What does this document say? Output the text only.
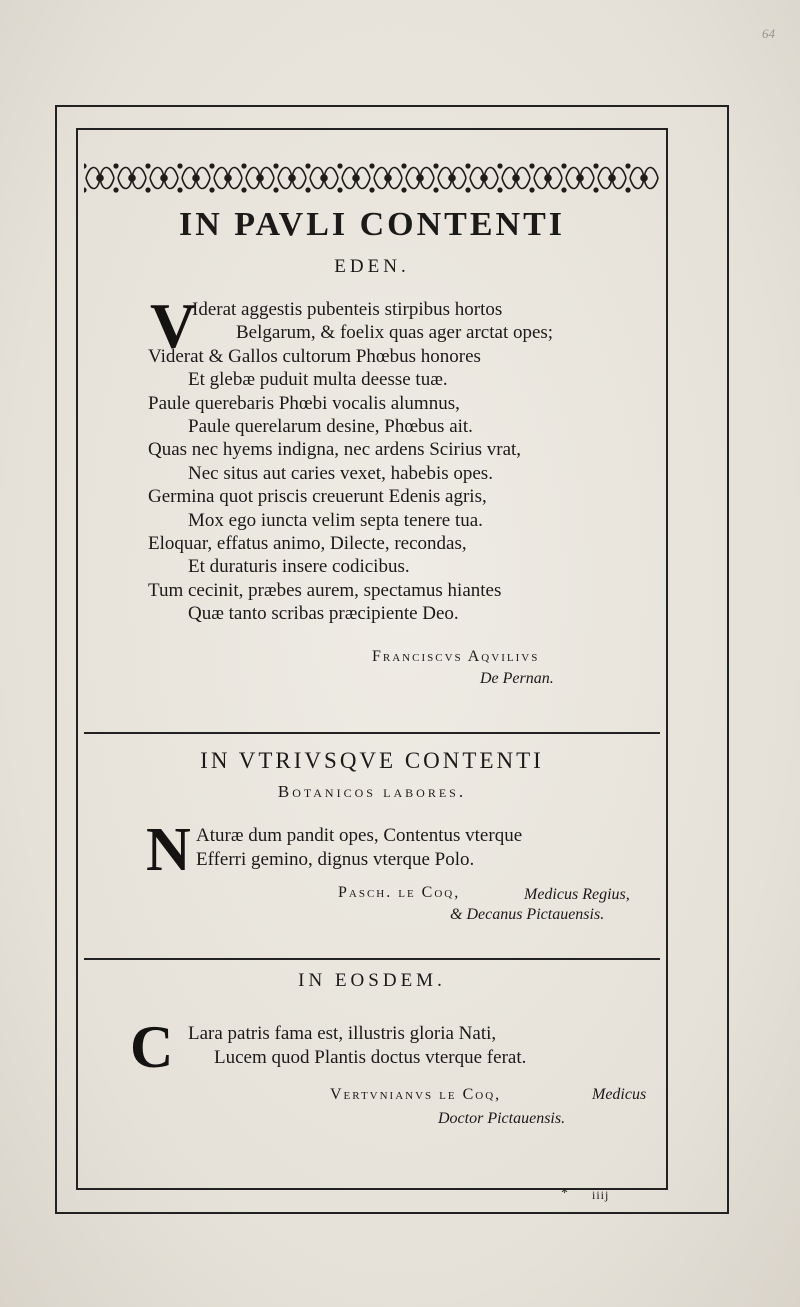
64
IN PAVLI CONTENTI
EDEN.
V
Iderat aggestis pubenteis stirpibus hortos
Belgarum, & foelix quas ager arctat opes;
Viderat & Gallos cultorum Phœbus honores
Et glebæ puduit multa deesse tuæ.
Paule querebaris Phœbi vocalis alumnus,
Paule querelarum desine, Phœbus ait.
Quas nec hyems indigna, nec ardens Scirius vrat,
Nec situs aut caries vexet, habebis opes.
Germina quot priscis creuerunt Edenis agris,
Mox ego iuncta velim septa tenere tua.
Eloquar, effatus animo, Dilecte, recondas,
Et duraturis insere codicibus.
Tum cecinit, præbes aurem, spectamus hiantes
Quæ tanto scribas præcipiente Deo.
Franciscvs Aqvilivs
De Pernan.
IN VTRIVSQVE CONTENTI
Botanicos labores.
N Aturæ dum pandit opes, Contentus vterque
Efferri gemino, dignus vterque Polo.
Pasch. le Coq,	Medicus Regius,
& Decanus Pictauensis.
IN EOSDEM.
C Lara patris fama est, illustris gloria Nati,
Lucem quod Plantis doctus vterque ferat.
Vertvnianvs le Coq,	Medicus
Doctor Pictauensis.
* iiij
